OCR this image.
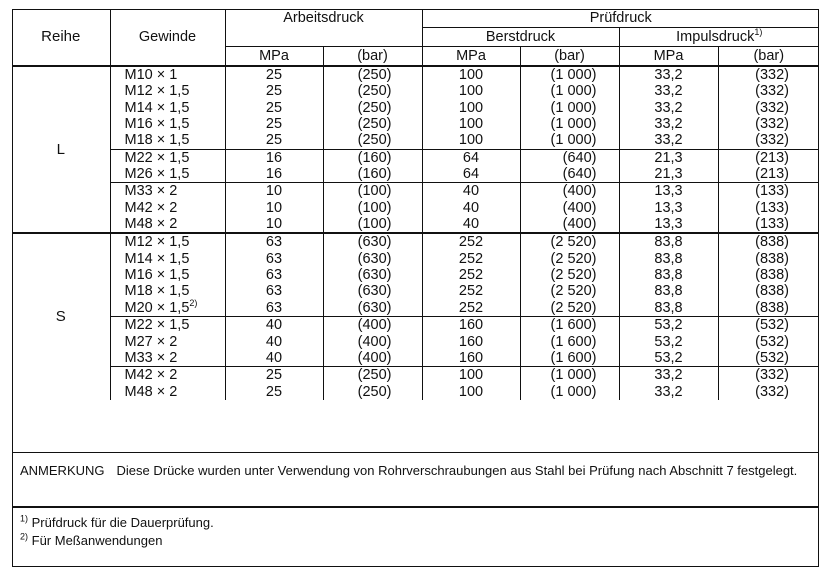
Reihe	Gewinde	Arbeitsdruck		Prüfdruck			
				Berstdruck		Impulsdruck$^{1)}$
		MPa	(bar)	MPa	(bar)	MPa	(bar)
L	M10 × 1	25	(250)	100	(1 000)	33,2	(332)
	M12 × 1,5	25	(250)	100	(1 000)	33,2	(332)
	M14 × 1,5	25	(250)	100	(1 000)	33,2	(332)
	M16 × 1,5	25	(250)	100	(1 000)	33,2	(332)
	M18 × 1,5	25	(250)	100	(1 000)	33,2	(332)
	M22 × 1,5	16	(160)	64	(640)	21,3	(213)
	M26 × 1,5	16	(160)	64	(640)	21,3	(213)
	M33 × 2	10	(100)	40	(400)	13,3	(133)
	M42 × 2	10	(100)	40	(400)	13,3	(133)
	M48 × 2	10	(100)	40	(400)	13,3	(133)
S	M12 × 1,5	63	(630)	252	(2 520)	83,8	(838)
	M14 × 1,5	63	(630)	252	(2 520)	83,8	(838)
	M16 × 1,5	63	(630)	252	(2 520)	83,8	(838)
	M18 × 1,5	63	(630)	252	(2 520)	83,8	(838)
	$M20 \times 1,5^{2)}$	63	(630)	252	(2 520)	83,8	(838)
	M22 × 1,5	40	(400)	160	(1 600)	53,2	(532)
	M27 × 2	40	(400)	160	(1 600)	53,2	(532)
	M33 × 2	40	(400)	160	(1 600)	53,2	(532)
	M42 × 2	25	(250)	100	(1 000)	33,2	(332)
	M48 × 2	25	(250)	100	(1 000)	33,2	(332)
ANMERKUNG Diese Drücke wurden unter Verwendung von Rohrverschraubungen aus Stahl bei Prüfung nach Abschnitt 7 festgelegt.
$^{1)}$ Prüfdruck für die Dauerprüfung.
$^{2)}$ Für Meßanwendungen
